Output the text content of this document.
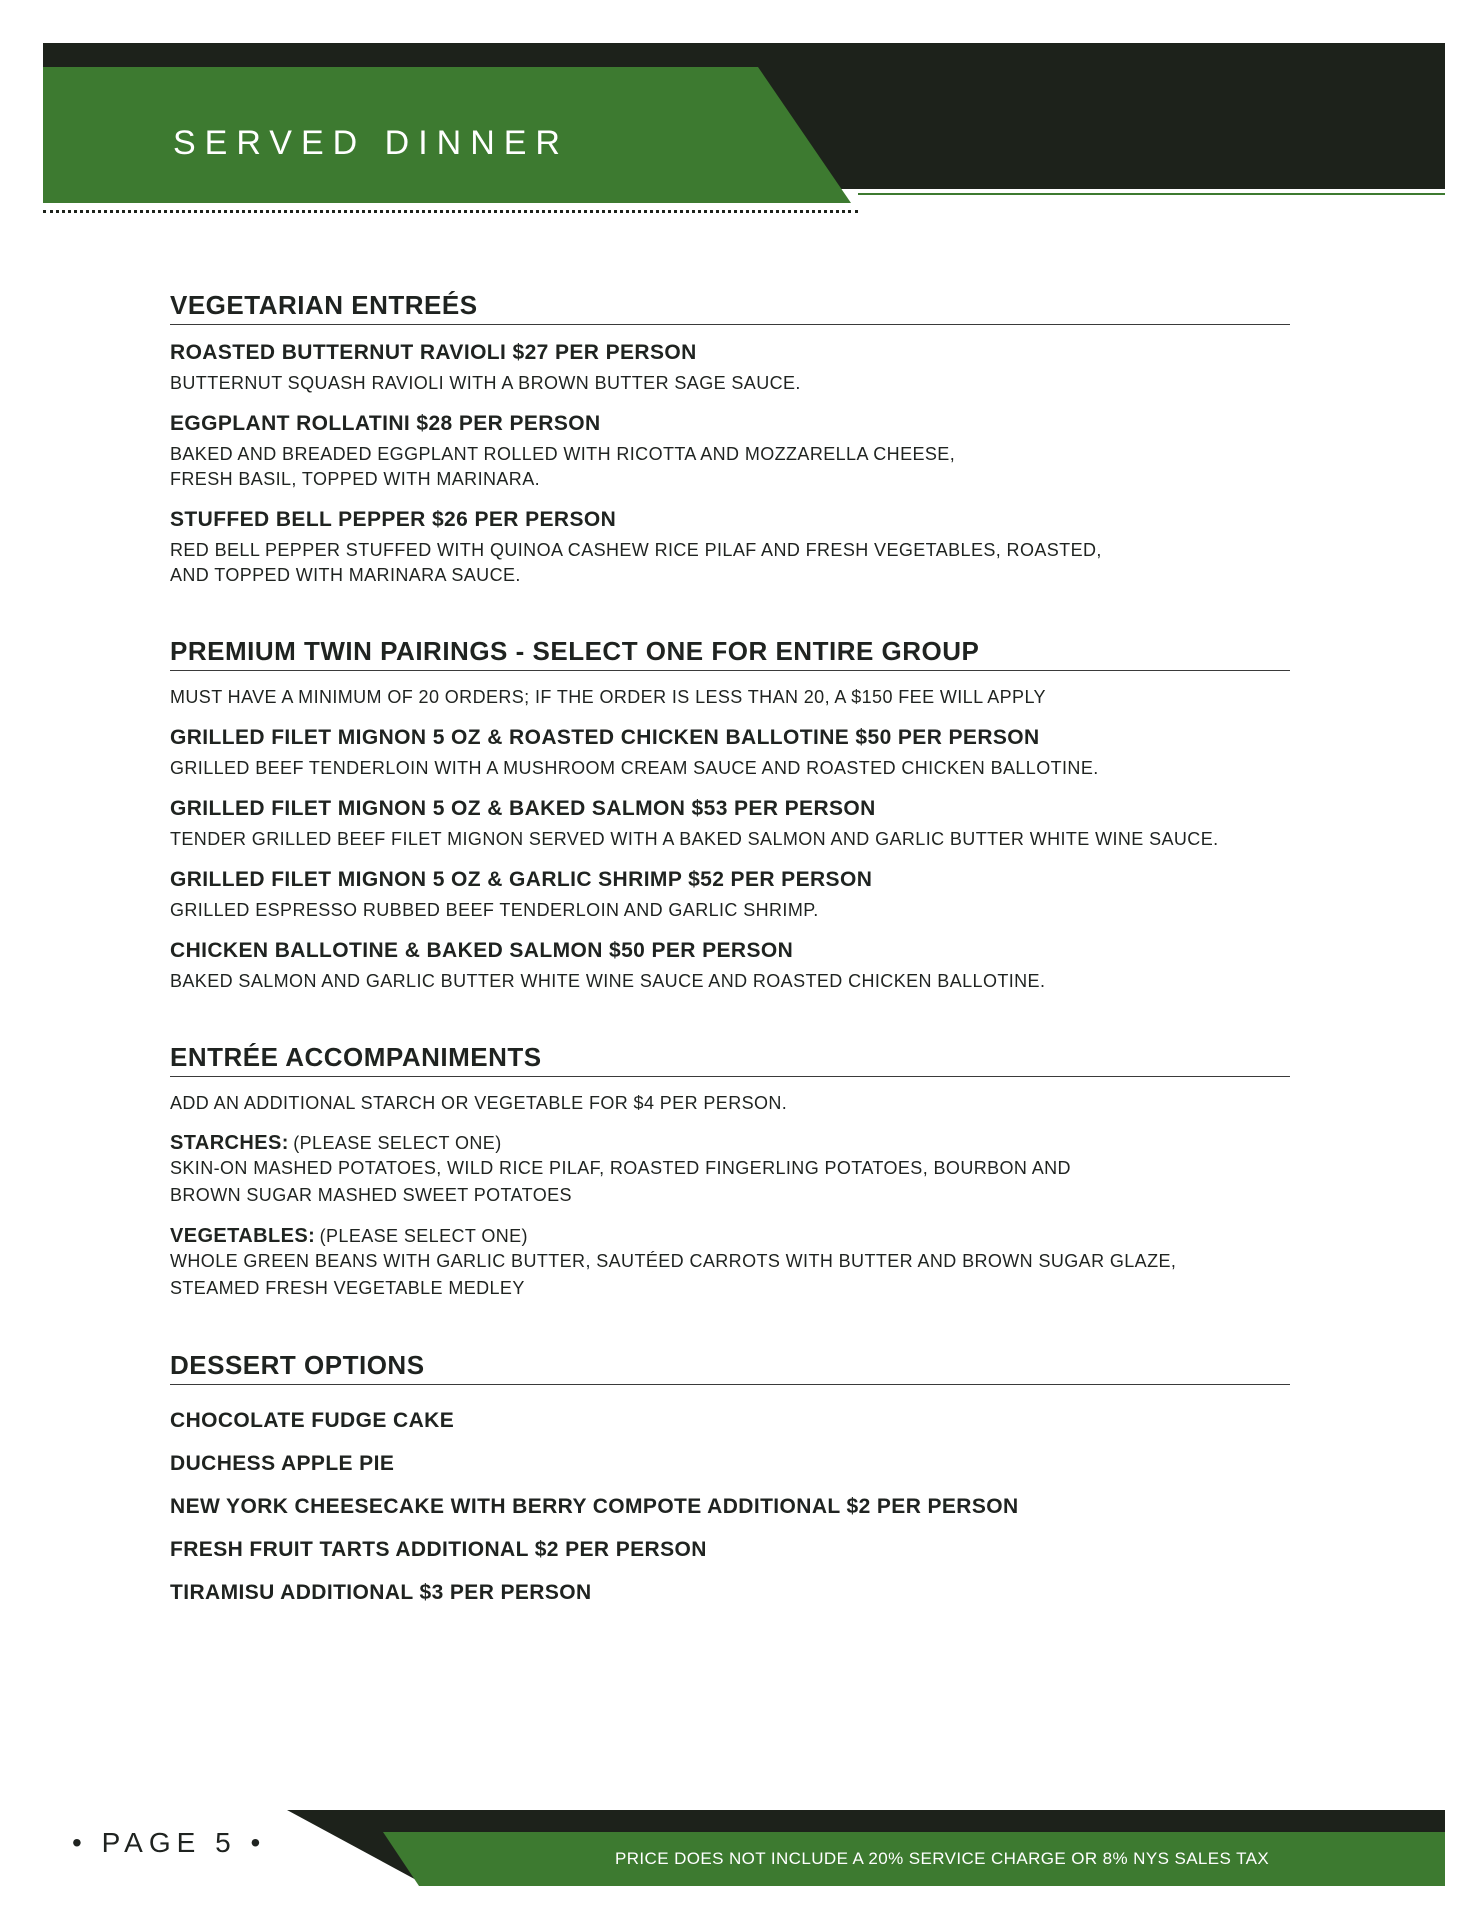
SERVED DINNER
VEGETARIAN ENTREÉS
ROASTED BUTTERNUT RAVIOLI $27 PER PERSON
BUTTERNUT SQUASH RAVIOLI WITH A BROWN BUTTER SAGE SAUCE.
EGGPLANT ROLLATINI $28 PER PERSON
BAKED AND BREADED EGGPLANT ROLLED WITH RICOTTA AND MOZZARELLA CHEESE,
FRESH BASIL, TOPPED WITH MARINARA.
STUFFED BELL PEPPER $26 PER PERSON
RED BELL PEPPER STUFFED WITH QUINOA CASHEW RICE PILAF AND FRESH VEGETABLES, ROASTED,
AND TOPPED WITH MARINARA SAUCE.
PREMIUM TWIN PAIRINGS - SELECT ONE FOR ENTIRE GROUP

MUST HAVE A MINIMUM OF 20 ORDERS; IF THE ORDER IS LESS THAN 20, A $150 FEE WILL APPLY

GRILLED FILET MIGNON 5 OZ & ROASTED CHICKEN BALLOTINE $50 PER PERSON
GRILLED BEEF TENDERLOIN WITH A MUSHROOM CREAM SAUCE AND ROASTED CHICKEN BALLOTINE.
GRILLED FILET MIGNON 5 OZ & BAKED SALMON $53 PER PERSON
TENDER GRILLED BEEF FILET MIGNON SERVED WITH A BAKED SALMON AND GARLIC BUTTER WHITE WINE SAUCE.
GRILLED FILET MIGNON 5 OZ & GARLIC SHRIMP $52 PER PERSON
GRILLED ESPRESSO RUBBED BEEF TENDERLOIN AND GARLIC SHRIMP.
CHICKEN BALLOTINE & BAKED SALMON $50 PER PERSON
BAKED SALMON AND GARLIC BUTTER WHITE WINE SAUCE AND ROASTED CHICKEN BALLOTINE.
ENTRÉE ACCOMPANIMENTS

ADD AN ADDITIONAL STARCH OR VEGETABLE FOR $4 PER PERSON.

STARCHES: (PLEASE SELECT ONE)
SKIN-ON MASHED POTATOES, WILD RICE PILAF, ROASTED FINGERLING POTATOES, BOURBON AND
BROWN SUGAR MASHED SWEET POTATOES
VEGETABLES: (PLEASE SELECT ONE)
WHOLE GREEN BEANS WITH GARLIC BUTTER, SAUTÉED CARROTS WITH BUTTER AND BROWN SUGAR GLAZE,
STEAMED FRESH VEGETABLE MEDLEY
DESSERT OPTIONS
CHOCOLATE FUDGE CAKE
DUCHESS APPLE PIE
NEW YORK CHEESECAKE WITH BERRY COMPOTE ADDITIONAL $2 PER PERSON
FRESH FRUIT TARTS ADDITIONAL $2 PER PERSON
TIRAMISU ADDITIONAL $3 PER PERSON
PRICE DOES NOT INCLUDE A 20% SERVICE CHARGE OR 8% NYS SALES TAX
• PAGE 5 •
